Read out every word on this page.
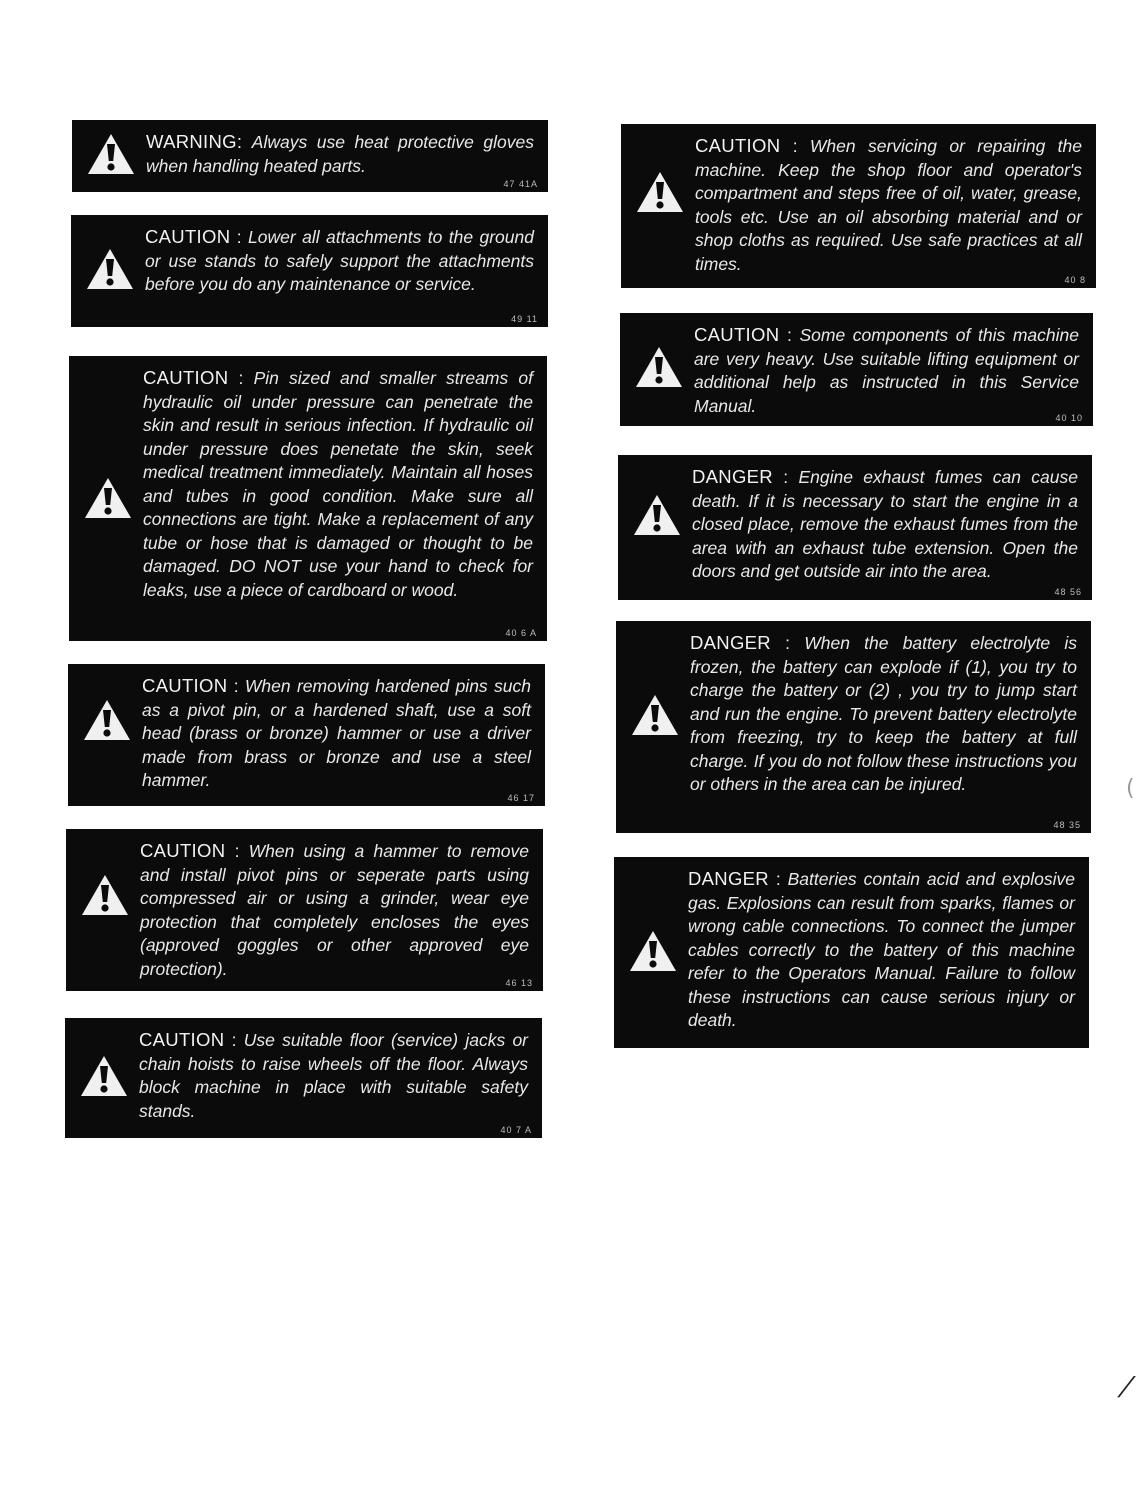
WARNING: Always use heat protective gloves when handling heated parts.
47 41A
CAUTION : Lower all attachments to the ground or use stands to safely support the attachments before you do any maintenance or service.
49 11
CAUTION : Pin sized and smaller streams of hydraulic oil under pressure can penetrate the skin and result in serious infection. If hydraulic oil under pressure does penetate the skin, seek medical treatment immediately. Maintain all hoses and tubes in good condition. Make sure all connections are tight. Make a replacement of any tube or hose that is damaged or thought to be damaged. DO NOT use your hand to check for leaks, use a piece of cardboard or wood.
40 6 A
CAUTION : When removing hardened pins such as a pivot pin, or a hardened shaft, use a soft head (brass or bronze) hammer or use a driver made from brass or bronze and use a steel hammer.
46 17
CAUTION : When using a hammer to remove and install pivot pins or seperate parts using compressed air or using a grinder, wear eye protection that completely encloses the eyes (approved goggles or other approved eye protection).
46 13
CAUTION : Use suitable floor (service) jacks or chain hoists to raise wheels off the floor. Always block machine in place with suitable safety stands.
40 7 A
CAUTION : When servicing or repairing the machine. Keep the shop floor and operator's compartment and steps free of oil, water, grease, tools etc. Use an oil absorbing material and or shop cloths as required. Use safe practices at all times.
40 8
CAUTION : Some components of this machine are very heavy. Use suitable lifting equipment or additional help as instructed in this Service Manual.
40 10
DANGER : Engine exhaust fumes can cause death. If it is necessary to start the engine in a closed place, remove the exhaust fumes from the area with an exhaust tube extension. Open the doors and get outside air into the area.
48 56
DANGER : When the battery electrolyte is frozen, the battery can explode if (1), you try to charge the battery or (2) , you try to jump start and run the engine. To prevent battery electrolyte from freezing, try to keep the battery at full charge. If you do not follow these instructions you or others in the area can be injured.
48 35
DANGER : Batteries contain acid and explosive gas. Explosions can result from sparks, flames or wrong cable connections. To connect the jumper cables correctly to the battery of this machine refer to the Operators Manual. Failure to follow these instructions can cause serious injury or death.
(
/
